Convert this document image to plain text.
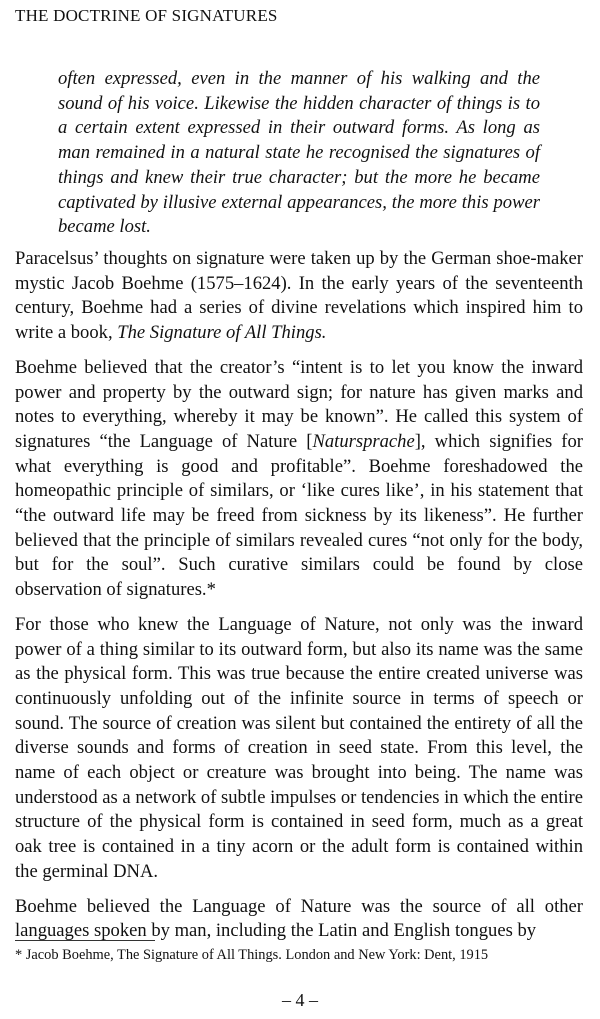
THE DOCTRINE OF SIGNATURES

often expressed, even in the manner of his walking and the sound of his voice. Likewise the hidden character of things is to a certain extent expressed in their outward forms. As long as man remained in a natural state he recognised the signatures of things and knew their true character; but the more he became captivated by illusive external appearances, the more this power became lost.

Paracelsus’ thoughts on signature were taken up by the German shoe-maker mystic Jacob Boehme (1575–1624). In the early years of the seventeenth century, Boehme had a series of divine revelations which inspired him to write a book, The Signature of All Things.

Boehme believed that the creator’s “intent is to let you know the inward power and property by the outward sign; for nature has given marks and notes to everything, whereby it may be known”. He called this system of signatures “the Language of Nature [Natursprache], which signifies for what everything is good and profitable”. Boehme foreshadowed the homeopathic principle of similars, or ‘like cures like’, in his statement that “the outward life may be freed from sickness by its likeness”. He further believed that the principle of similars revealed cures “not only for the body, but for the soul”. Such curative similars could be found by close observation of signatures.*

For those who knew the Language of Nature, not only was the inward power of a thing similar to its outward form, but also its name was the same as the physical form. This was true because the entire created universe was continuously unfolding out of the infinite source in terms of speech or sound. The source of creation was silent but contained the entirety of all the diverse sounds and forms of creation in seed state. From this level, the name of each object or creature was brought into being. The name was understood as a network of subtle impulses or tendencies in which the entire structure of the physical form is contained in seed form, much as a great oak tree is contained in a tiny acorn or the adult form is contained within the germinal DNA.

Boehme believed the Language of Nature was the source of all other languages spoken by man, including the Latin and English tongues by

* Jacob Boehme, The Signature of All Things. London and New York: Dent, 1915
– 4 –
